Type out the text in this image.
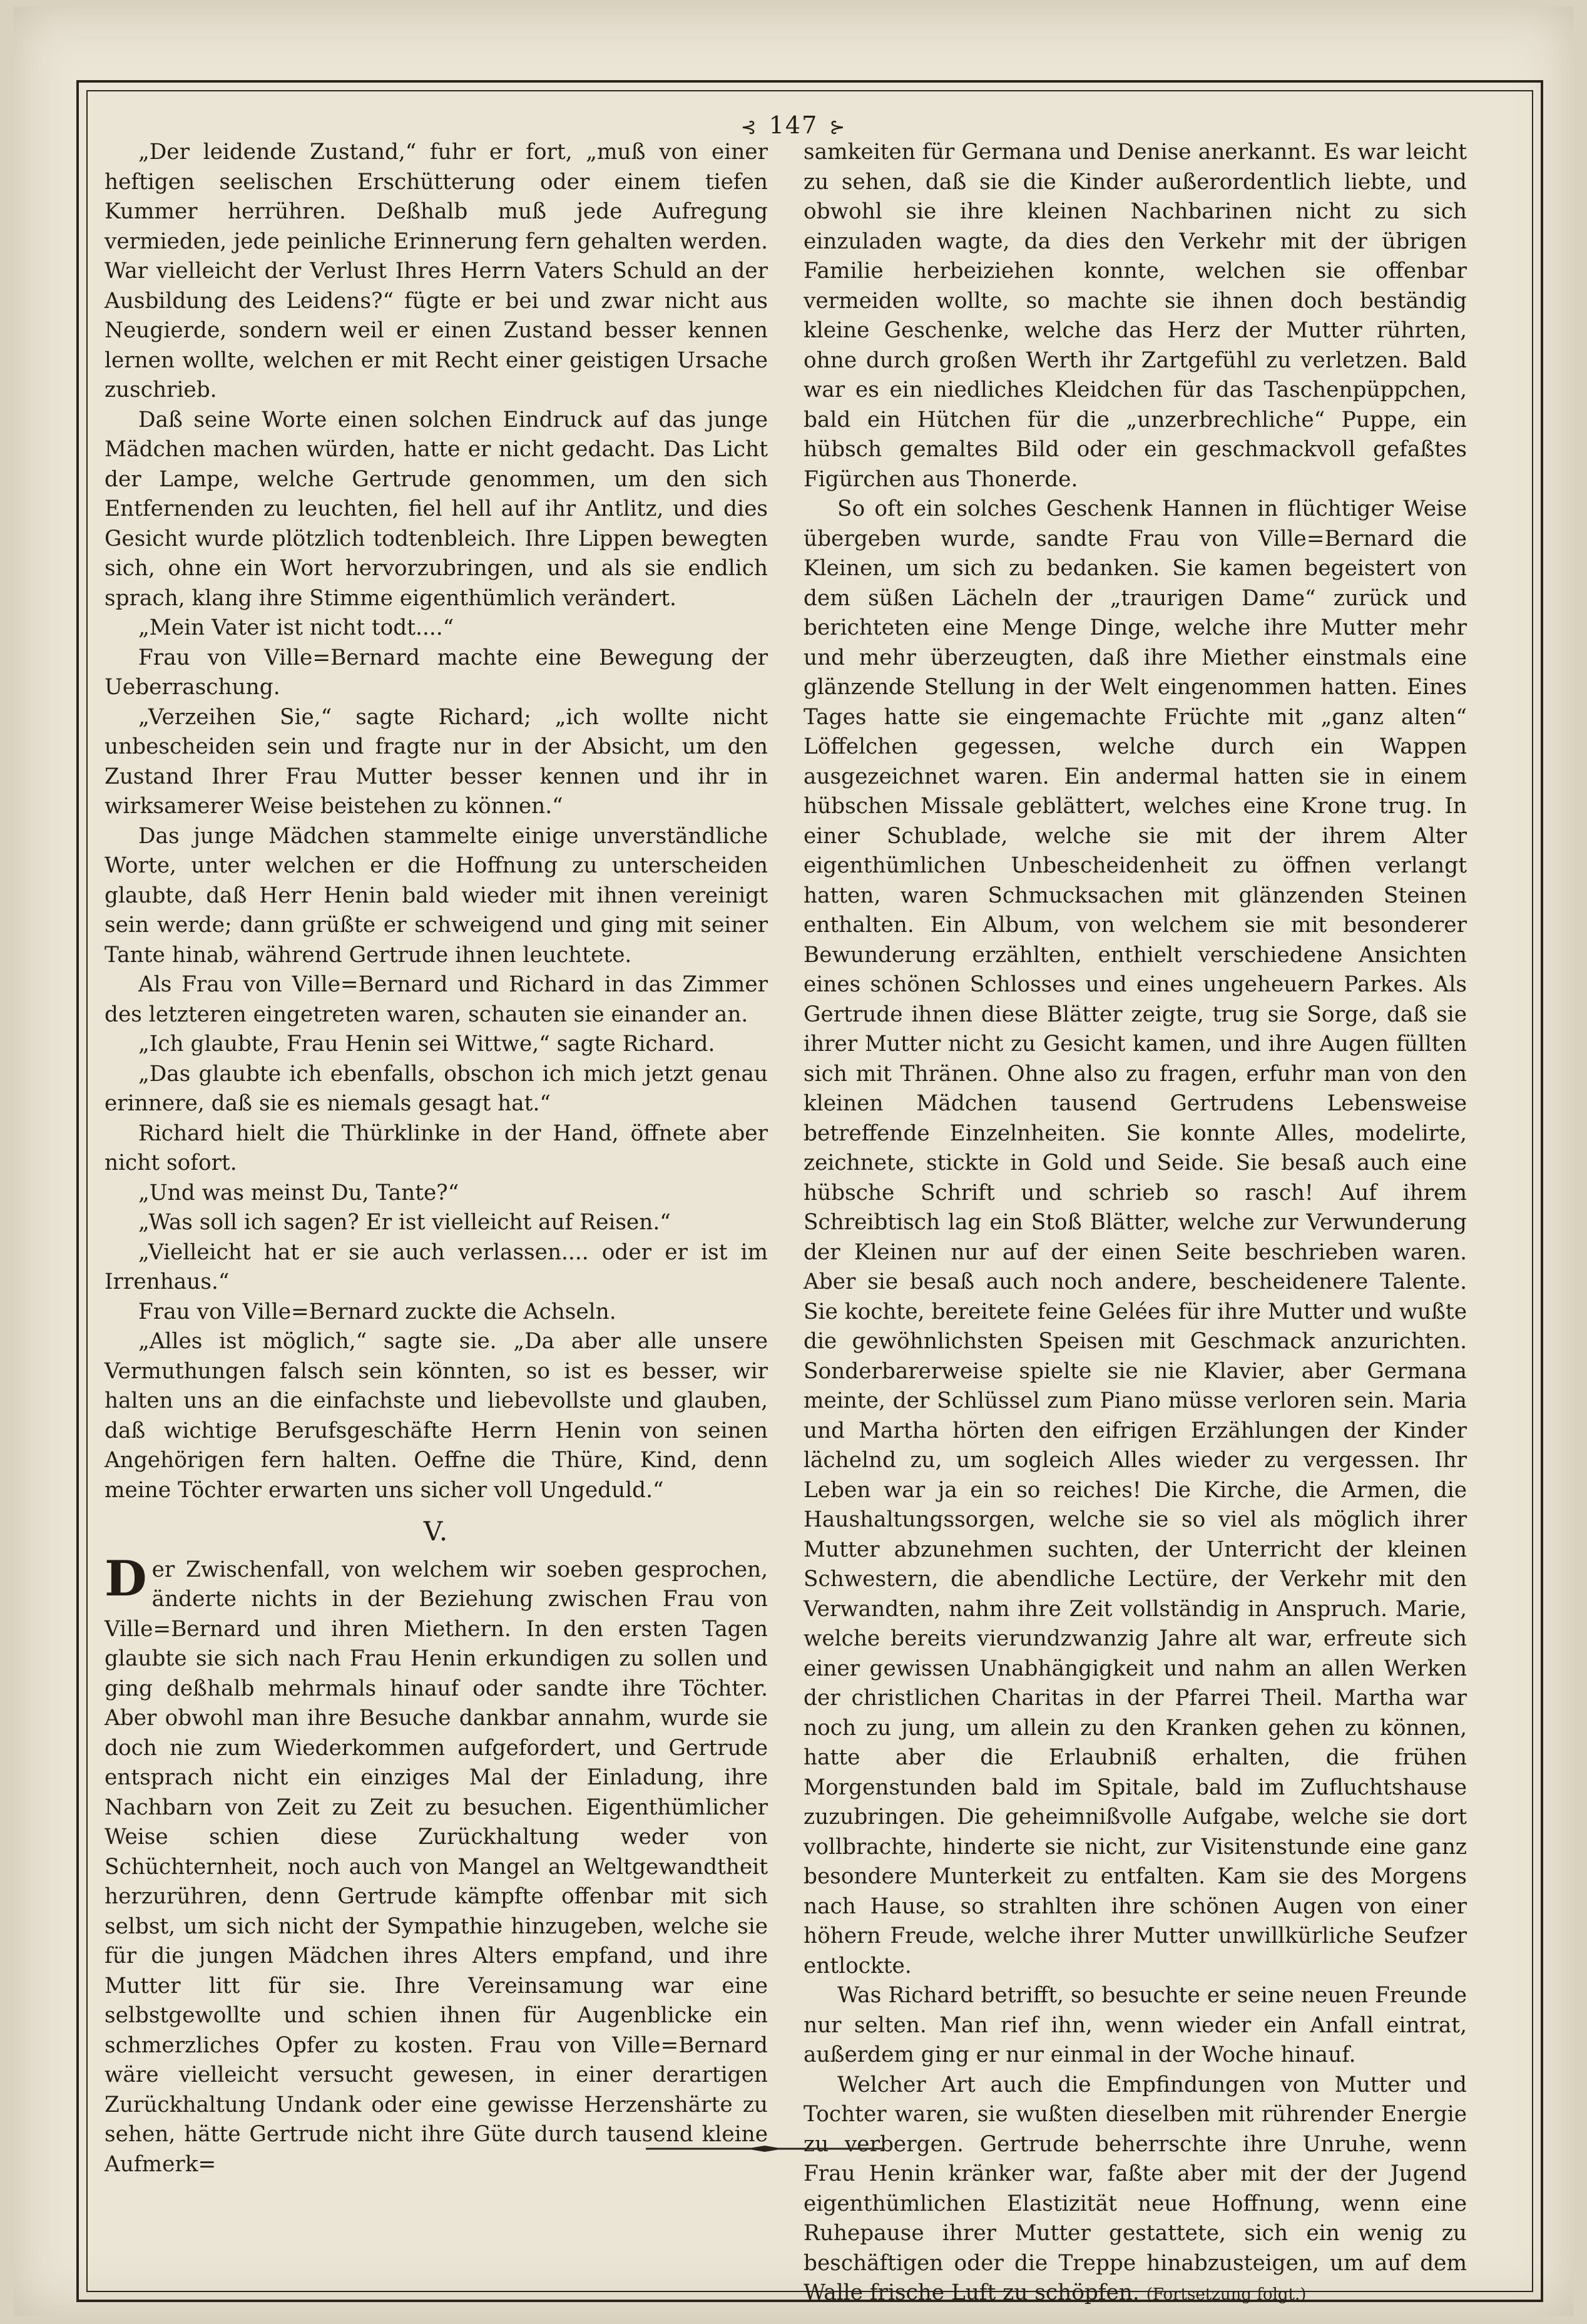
⊰ 147 ⊱

„Der leidende Zustand,“ fuhr er fort, „muß von einer heftigen seelischen Erschütterung oder einem tiefen Kummer herrühren. Deßhalb muß jede Aufregung vermieden, jede peinliche Erinnerung fern gehalten werden. War vielleicht der Verlust Ihres Herrn Vaters Schuld an der Ausbildung des Leidens?“ fügte er bei und zwar nicht aus Neugierde, sondern weil er einen Zustand besser kennen lernen wollte, welchen er mit Recht einer geistigen Ursache zuschrieb.

Daß seine Worte einen solchen Eindruck auf das junge Mädchen machen würden, hatte er nicht gedacht. Das Licht der Lampe, welche Gertrude genommen, um den sich Entfernenden zu leuchten, fiel hell auf ihr Antlitz, und dies Gesicht wurde plötzlich todtenbleich. Ihre Lippen bewegten sich, ohne ein Wort hervorzubringen, und als sie endlich sprach, klang ihre Stimme eigenthümlich verändert.

„Mein Vater ist nicht todt....“

Frau von Ville=Bernard machte eine Bewegung der Ueberraschung.

„Verzeihen Sie,“ sagte Richard; „ich wollte nicht unbescheiden sein und fragte nur in der Absicht, um den Zustand Ihrer Frau Mutter besser kennen und ihr in wirksamerer Weise beistehen zu können.“

Das junge Mädchen stammelte einige unverständliche Worte, unter welchen er die Hoffnung zu unterscheiden glaubte, daß Herr Henin bald wieder mit ihnen vereinigt sein werde; dann grüßte er schweigend und ging mit seiner Tante hinab, während Gertrude ihnen leuchtete.

Als Frau von Ville=Bernard und Richard in das Zimmer des letzteren eingetreten waren, schauten sie einander an.

„Ich glaubte, Frau Henin sei Wittwe,“ sagte Richard.

„Das glaubte ich ebenfalls, obschon ich mich jetzt genau erinnere, daß sie es niemals gesagt hat.“

Richard hielt die Thürklinke in der Hand, öffnete aber nicht sofort.

„Und was meinst Du, Tante?“

„Was soll ich sagen? Er ist vielleicht auf Reisen.“

„Vielleicht hat er sie auch verlassen.... oder er ist im Irrenhaus.“

Frau von Ville=Bernard zuckte die Achseln.

„Alles ist möglich,“ sagte sie. „Da aber alle unsere Vermuthungen falsch sein könnten, so ist es besser, wir halten uns an die einfachste und liebevollste und glauben, daß wichtige Berufsgeschäfte Herrn Henin von seinen Angehörigen fern halten. Oeffne die Thüre, Kind, denn meine Töchter erwarten uns sicher voll Ungeduld.“

V.

Der Zwischenfall, von welchem wir soeben gesprochen, änderte nichts in der Beziehung zwischen Frau von Ville=Bernard und ihren Miethern. In den ersten Tagen glaubte sie sich nach Frau Henin erkundigen zu sollen und ging deßhalb mehrmals hinauf oder sandte ihre Töchter. Aber obwohl man ihre Besuche dankbar annahm, wurde sie doch nie zum Wiederkommen aufgefordert, und Gertrude entsprach nicht ein einziges Mal der Einladung, ihre Nachbarn von Zeit zu Zeit zu besuchen. Eigenthümlicher Weise schien diese Zurückhaltung weder von Schüchternheit, noch auch von Mangel an Weltgewandtheit herzurühren, denn Gertrude kämpfte offenbar mit sich selbst, um sich nicht der Sympathie hinzugeben, welche sie für die jungen Mädchen ihres Alters empfand, und ihre Mutter litt für sie. Ihre Vereinsamung war eine selbstgewollte und schien ihnen für Augenblicke ein schmerzliches Opfer zu kosten. Frau von Ville=Bernard wäre vielleicht versucht gewesen, in einer derartigen Zurückhaltung Undank oder eine gewisse Herzenshärte zu sehen, hätte Gertrude nicht ihre Güte durch tausend kleine Aufmerk=

samkeiten für Germana und Denise anerkannt. Es war leicht zu sehen, daß sie die Kinder außerordentlich liebte, und obwohl sie ihre kleinen Nachbarinen nicht zu sich einzuladen wagte, da dies den Verkehr mit der übrigen Familie herbeiziehen konnte, welchen sie offenbar vermeiden wollte, so machte sie ihnen doch beständig kleine Geschenke, welche das Herz der Mutter rührten, ohne durch großen Werth ihr Zartgefühl zu verletzen. Bald war es ein niedliches Kleidchen für das Taschenpüppchen, bald ein Hütchen für die „unzerbrechliche“ Puppe, ein hübsch gemaltes Bild oder ein geschmackvoll gefaßtes Figürchen aus Thonerde.

So oft ein solches Geschenk Hannen in flüchtiger Weise übergeben wurde, sandte Frau von Ville=Bernard die Kleinen, um sich zu bedanken. Sie kamen begeistert von dem süßen Lächeln der „traurigen Dame“ zurück und berichteten eine Menge Dinge, welche ihre Mutter mehr und mehr überzeugten, daß ihre Miether einstmals eine glänzende Stellung in der Welt eingenommen hatten. Eines Tages hatte sie eingemachte Früchte mit „ganz alten“ Löffelchen gegessen, welche durch ein Wappen ausgezeichnet waren. Ein andermal hatten sie in einem hübschen Missale geblättert, welches eine Krone trug. In einer Schublade, welche sie mit der ihrem Alter eigenthümlichen Unbescheidenheit zu öffnen verlangt hatten, waren Schmucksachen mit glänzenden Steinen enthalten. Ein Album, von welchem sie mit besonderer Bewunderung erzählten, enthielt verschiedene Ansichten eines schönen Schlosses und eines ungeheuern Parkes. Als Gertrude ihnen diese Blätter zeigte, trug sie Sorge, daß sie ihrer Mutter nicht zu Gesicht kamen, und ihre Augen füllten sich mit Thränen. Ohne also zu fragen, erfuhr man von den kleinen Mädchen tausend Gertrudens Lebensweise betreffende Einzelnheiten. Sie konnte Alles, modelirte, zeichnete, stickte in Gold und Seide. Sie besaß auch eine hübsche Schrift und schrieb so rasch! Auf ihrem Schreibtisch lag ein Stoß Blätter, welche zur Verwunderung der Kleinen nur auf der einen Seite beschrieben waren. Aber sie besaß auch noch andere, bescheidenere Talente. Sie kochte, bereitete feine Gelées für ihre Mutter und wußte die gewöhnlichsten Speisen mit Geschmack anzurichten. Sonderbarerweise spielte sie nie Klavier, aber Germana meinte, der Schlüssel zum Piano müsse verloren sein. Maria und Martha hörten den eifrigen Erzählungen der Kinder lächelnd zu, um sogleich Alles wieder zu vergessen. Ihr Leben war ja ein so reiches! Die Kirche, die Armen, die Haushaltungssorgen, welche sie so viel als möglich ihrer Mutter abzunehmen suchten, der Unterricht der kleinen Schwestern, die abendliche Lectüre, der Verkehr mit den Verwandten, nahm ihre Zeit vollständig in Anspruch. Marie, welche bereits vierundzwanzig Jahre alt war, erfreute sich einer gewissen Unabhängigkeit und nahm an allen Werken der christlichen Charitas in der Pfarrei Theil. Martha war noch zu jung, um allein zu den Kranken gehen zu können, hatte aber die Erlaubniß erhalten, die frühen Morgenstunden bald im Spitale, bald im Zufluchtshause zuzubringen. Die geheimnißvolle Aufgabe, welche sie dort vollbrachte, hinderte sie nicht, zur Visitenstunde eine ganz besondere Munterkeit zu entfalten. Kam sie des Morgens nach Hause, so strahlten ihre schönen Augen von einer höhern Freude, welche ihrer Mutter unwillkürliche Seufzer entlockte.

Was Richard betrifft, so besuchte er seine neuen Freunde nur selten. Man rief ihn, wenn wieder ein Anfall eintrat, außerdem ging er nur einmal in der Woche hinauf.

Welcher Art auch die Empfindungen von Mutter und Tochter waren, sie wußten dieselben mit rührender Energie zu verbergen. Gertrude beherrschte ihre Unruhe, wenn Frau Henin kränker war, faßte aber mit der der Jugend eigenthümlichen Elastizität neue Hoffnung, wenn eine Ruhepause ihrer Mutter gestattete, sich ein wenig zu beschäftigen oder die Treppe hinabzusteigen, um auf dem Walle frische Luft zu schöpfen. (Fortsetzung folgt.)
